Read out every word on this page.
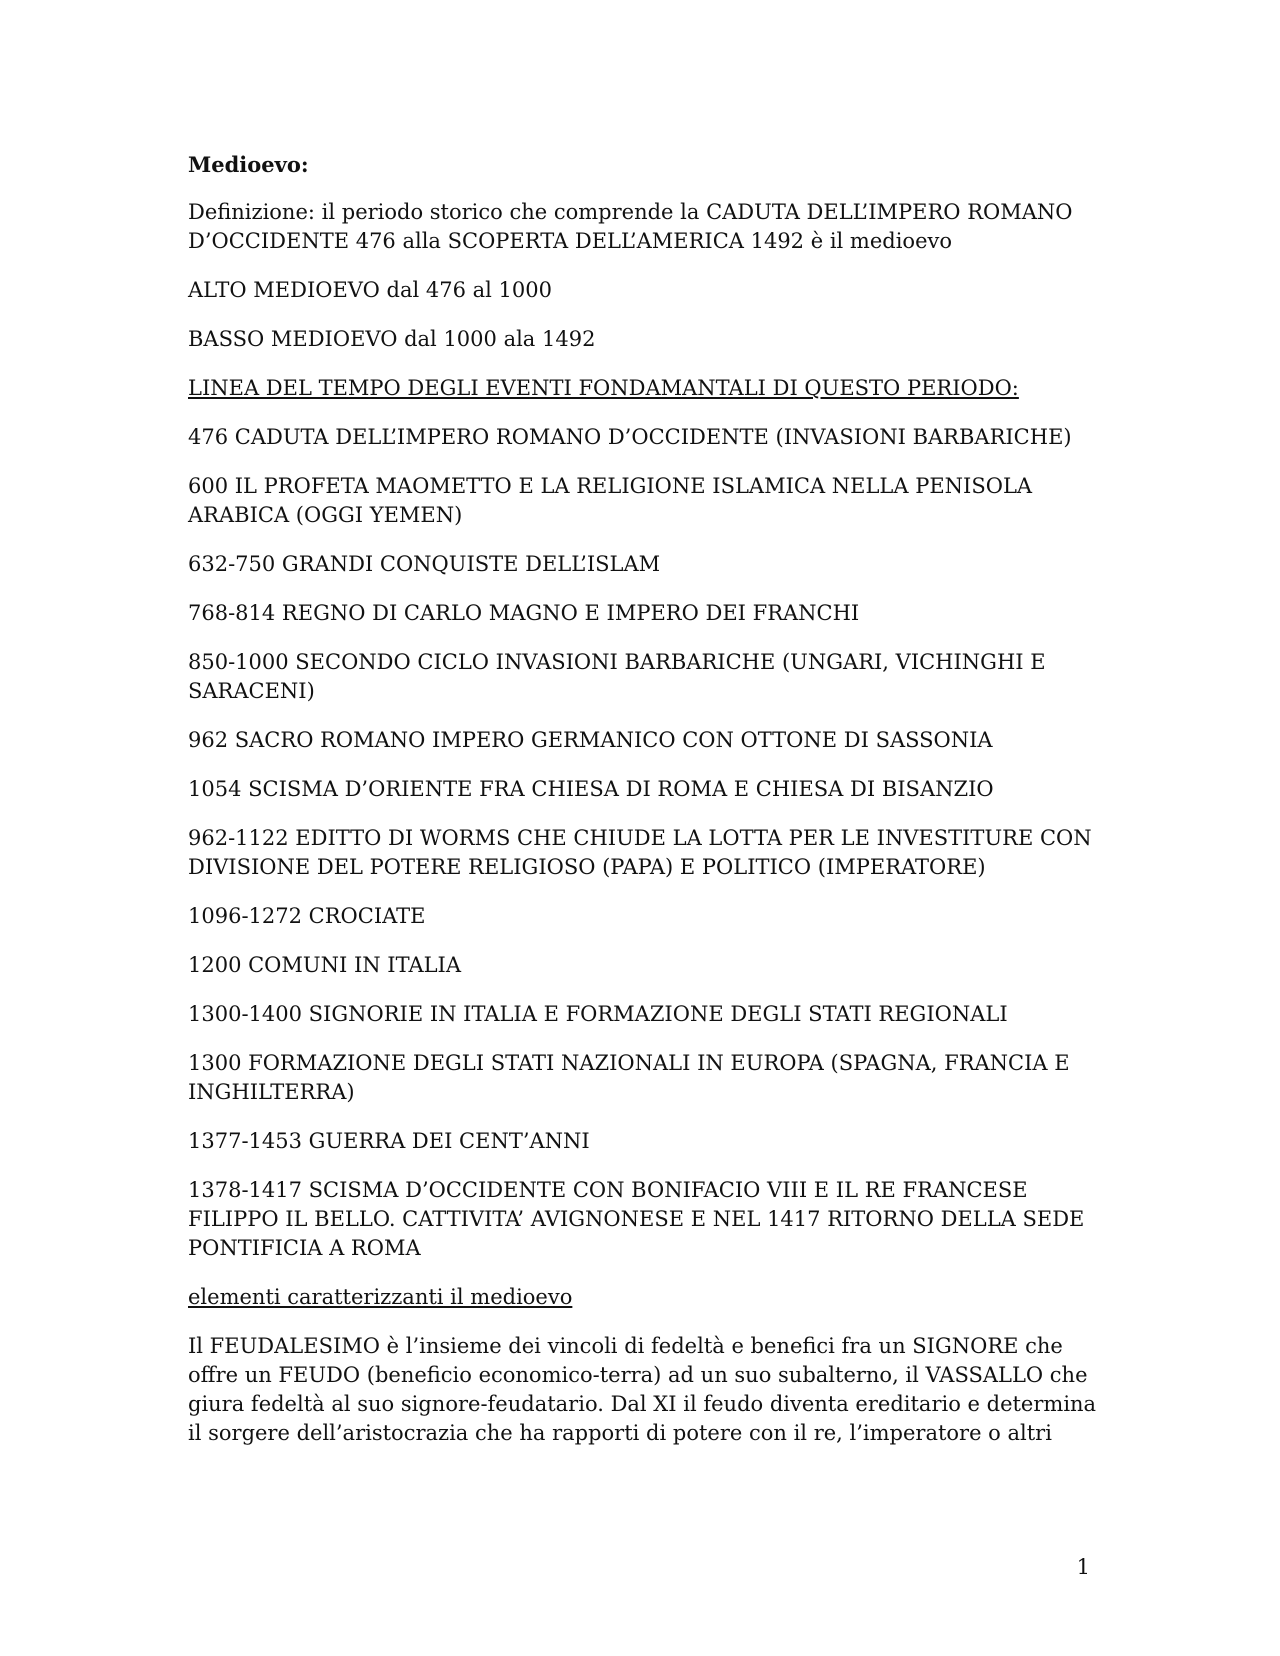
Medioevo:

Definizione: il periodo storico che comprende la CADUTA DELL’IMPERO ROMANO D’OCCIDENTE 476 alla SCOPERTA DELL’AMERICA 1492 è il medioevo

ALTO MEDIOEVO dal 476 al 1000

BASSO MEDIOEVO dal 1000 ala 1492

LINEA DEL TEMPO DEGLI EVENTI FONDAMANTALI DI QUESTO PERIODO:

476 CADUTA DELL’IMPERO ROMANO D’OCCIDENTE (INVASIONI BARBARICHE)

600 IL PROFETA MAOMETTO E LA RELIGIONE ISLAMICA NELLA PENISOLA ARABICA (OGGI YEMEN)

632-750 GRANDI CONQUISTE DELL’ISLAM

768-814 REGNO DI CARLO MAGNO E IMPERO DEI FRANCHI

850-1000 SECONDO CICLO INVASIONI BARBARICHE (UNGARI, VICHINGHI E SARACENI)

962 SACRO ROMANO IMPERO GERMANICO CON OTTONE DI SASSONIA

1054 SCISMA D’ORIENTE FRA CHIESA DI ROMA E CHIESA DI BISANZIO

962-1122 EDITTO DI WORMS CHE CHIUDE LA LOTTA PER LE INVESTITURE CON DIVISIONE DEL POTERE RELIGIOSO (PAPA) E POLITICO (IMPERATORE)

1096-1272 CROCIATE

1200 COMUNI IN ITALIA

1300-1400 SIGNORIE IN ITALIA E FORMAZIONE DEGLI STATI REGIONALI

1300 FORMAZIONE DEGLI STATI NAZIONALI IN EUROPA (SPAGNA, FRANCIA E INGHILTERRA)

1377-1453 GUERRA DEI CENT’ANNI

1378-1417 SCISMA D’OCCIDENTE CON BONIFACIO VIII E IL RE FRANCESE FILIPPO IL BELLO. CATTIVITA’ AVIGNONESE E NEL 1417 RITORNO DELLA SEDE PONTIFICIA A ROMA

elementi caratterizzanti il medioevo

Il FEUDALESIMO è l’insieme dei vincoli di fedeltà e benefici fra un SIGNORE che offre un FEUDO (beneficio economico-terra) ad un suo subalterno, il VASSALLO che giura fedeltà al suo signore-feudatario. Dal XI il feudo diventa ereditario e determina il sorgere dell’aristocrazia che ha rapporti di potere con il re, l’imperatore o altri

1
